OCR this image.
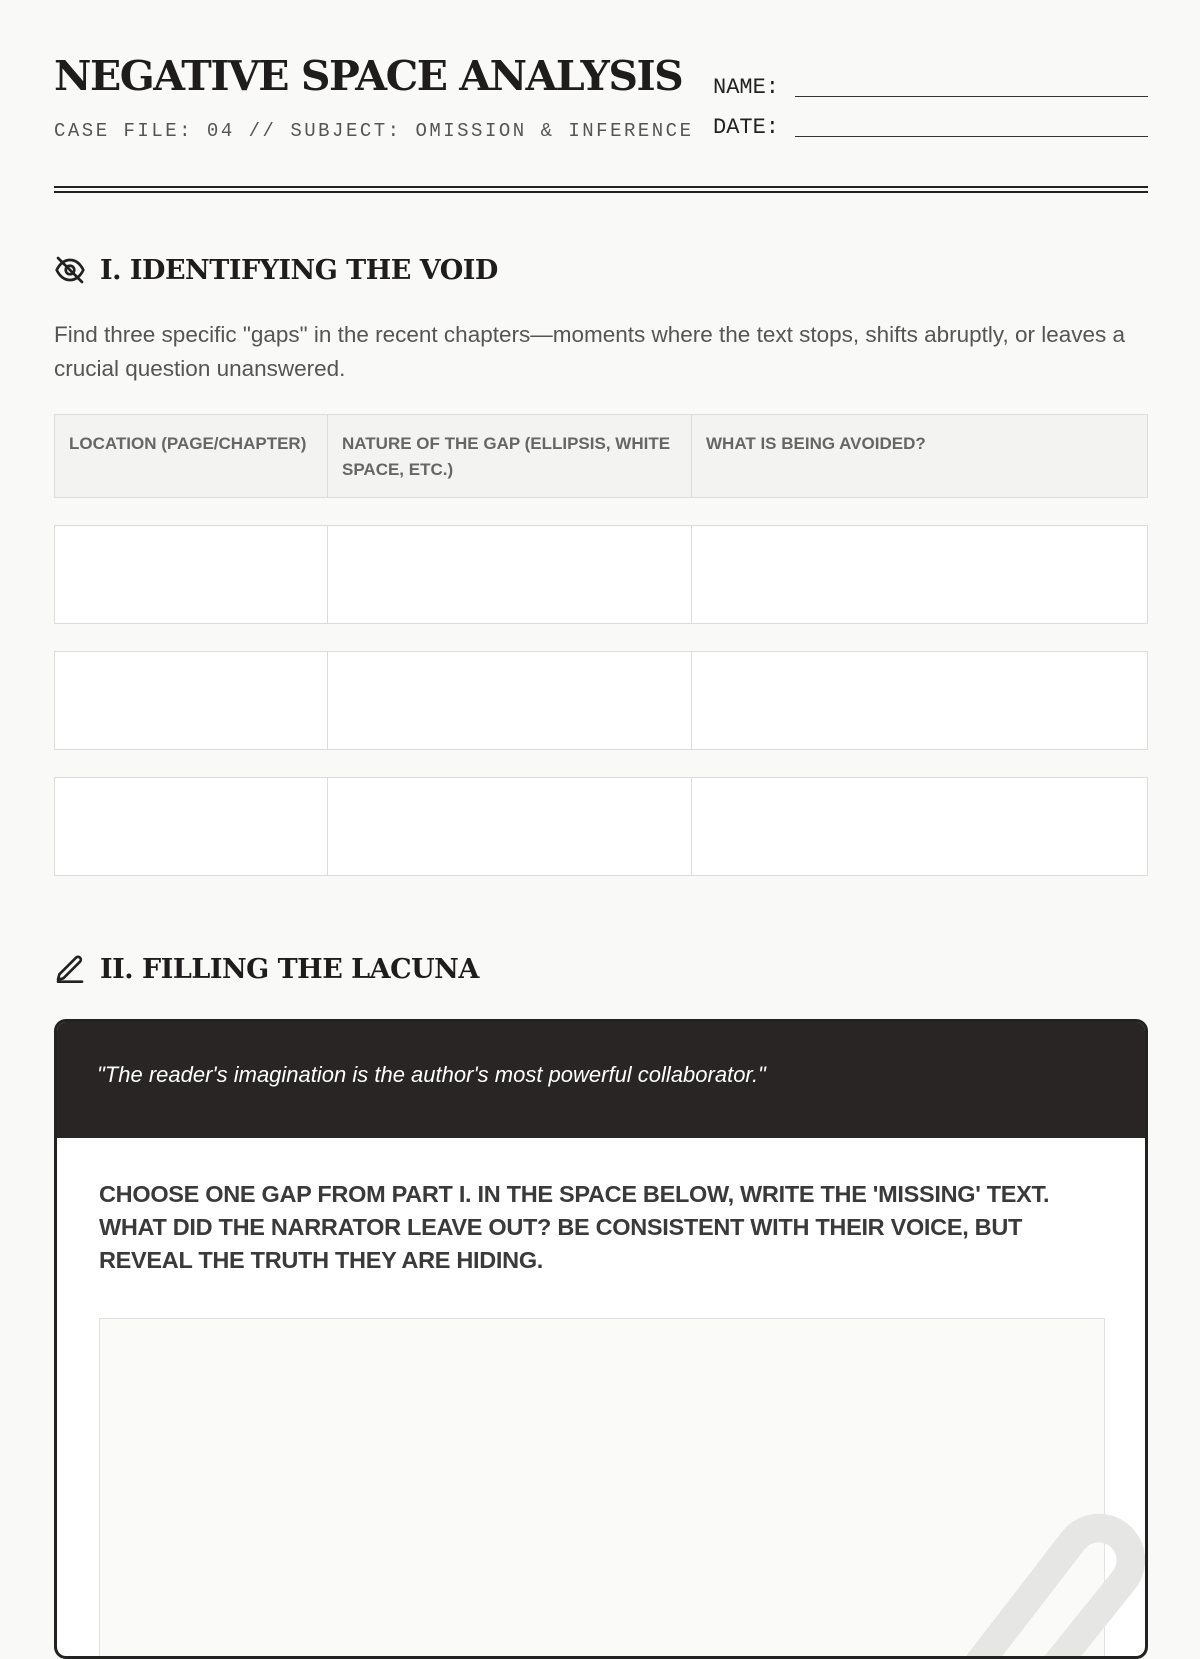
NEGATIVE SPACE ANALYSIS
CASE FILE: 04 // SUBJECT: OMISSION & INFERENCE
NAME:
DATE:
I. IDENTIFYING THE VOID

Find three specific "gaps" in the recent chapters—moments where the text stops, shifts abruptly, or leaves a crucial question unanswered.

LOCATION (PAGE/CHAPTER)	NATURE OF THE GAP (ELLIPSIS, WHITE SPACE, ETC.)
WHAT IS BEING AVOIDED?
II. FILLING THE LACUNA

"The reader's imagination is the author's most powerful collaborator."

CHOOSE ONE GAP FROM PART I. IN THE SPACE BELOW, WRITE THE 'MISSING' TEXT. WHAT DID THE NARRATOR LEAVE OUT? BE CONSISTENT WITH THEIR VOICE, BUT REVEAL THE TRUTH THEY ARE HIDING.
